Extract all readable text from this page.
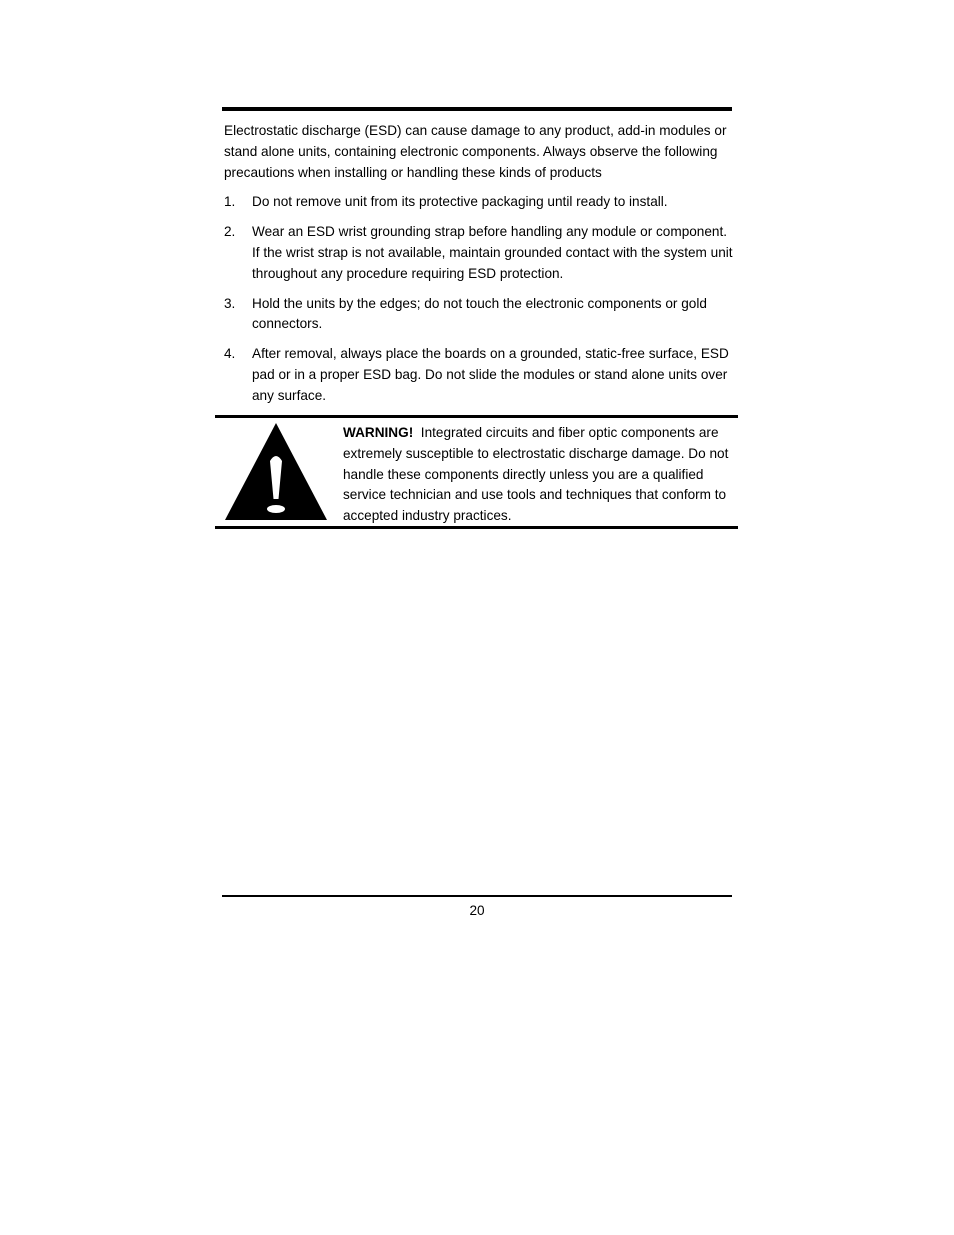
Electrostatic discharge (ESD) can cause damage to any product, add-in modules or stand alone units, containing electronic components. Always observe the following precautions when installing or handling these kinds of products

1.	Do not remove unit from its protective packaging until ready to install.
2.	Wear an ESD wrist grounding strap before handling any module or component. If the wrist strap is not available, maintain grounded contact with the system unit throughout any procedure requiring ESD protection.
3.	Hold the units by the edges; do not touch the electronic components or gold connectors.
4.	After removal, always place the boards on a grounded, static-free surface, ESD pad or in a proper ESD bag. Do not slide the modules or stand alone units over any surface.
WARNING! Integrated circuits and fiber optic components are extremely susceptible to electrostatic discharge damage. Do not handle these components directly unless you are a qualified service technician and use tools and techniques that conform to accepted industry practices.
20
